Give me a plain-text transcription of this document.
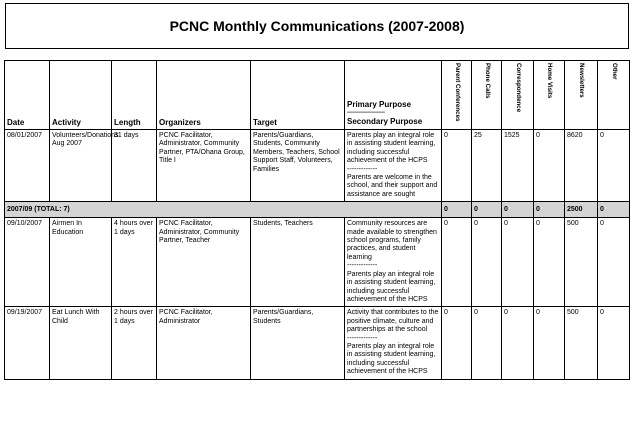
PCNC Monthly Communications (2007-2008)
Date	Activity	Length	Organizers	Target	Primary Purpose
-------------------
Secondary Purpose	Parent Conferences	Phone Calls	Correspondence	Home Visits	Newsletters	Other

08/01/2007	Volunteers/Donations Aug 2007	31 days	PCNC Facilitator, Administrator, Community Partner, PTA/Ohana Group, Title I	Parents/Guardians, Students, Community Members, Teachers, School Support Staff, Volunteers, Families	Parents play an integral role in assisting student learning, including successful achievement of the HCPS
-------------
Parents are welcome in the school, and their support and assistance are sought	0	25	1525	0	8620	0
2007/09 (TOTAL: 7)						0	0	0	0	2500	0
09/10/2007	Airmen In Education	4 hours over 1 days	PCNC Facilitator, Administrator, Community Partner, Teacher	Students, Teachers	Community resources are made available to strengthen school programs, family practices, and student learning
-------------
Parents play an integral role in assisting student learning, including successful achievement of the HCPS	0	0	0	0	500	0
09/19/2007	Eat Lunch With Child	2 hours over 1 days	PCNC Facilitator, Administrator	Parents/Guardians, Students	Activity that contributes to the positive climate, culture and partnerships at the school
-------------
Parents play an integral role in assisting student learning, including successful achievement of the HCPS	0	0	0	0	500	0
